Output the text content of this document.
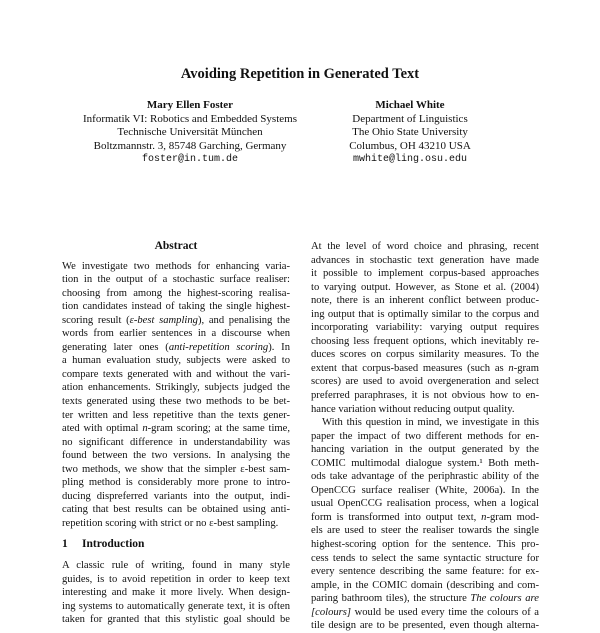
Avoiding Repetition in Generated Text
Mary Ellen Foster
Informatik VI: Robotics and Embedded Systems
Technische Universität München
Boltzmannstr. 3, 85748 Garching, Germany
foster@in.tum.de
Michael White
Department of Linguistics
The Ohio State University
Columbus, OH 43210 USA
mwhite@ling.osu.edu
Abstract
We investigate two methods for enhancing varia-
tion in the output of a stochastic surface realiser:
choosing from among the highest-scoring realisa-
tion candidates instead of taking the single highest-
scoring result (ε-best sampling), and penalising the
words from earlier sentences in a discourse when
generating later ones (anti-repetition scoring). In
a human evaluation study, subjects were asked to
compare texts generated with and without the vari-
ation enhancements. Strikingly, subjects judged the
texts generated using these two methods to be bet-
ter written and less repetitive than the texts gener-
ated with optimal n-gram scoring; at the same time,
no significant difference in understandability was
found between the two versions. In analysing the
two methods, we show that the simpler ε-best sam-
pling method is considerably more prone to intro-
ducing dispreferred variants into the output, indi-
cating that best results can be obtained using anti-
repetition scoring with strict or no ε-best sampling.
1 Introduction
A classic rule of writing, found in many style
guides, is to avoid repetition in order to keep text
interesting and make it more lively. When design-
ing systems to automatically generate text, it is often
taken for granted that this stylistic goal should be
At the level of word choice and phrasing, recent
advances in stochastic text generation have made
it possible to implement corpus-based approaches
to varying output. However, as Stone et al. (2004)
note, there is an inherent conflict between produc-
ing output that is optimally similar to the corpus and
incorporating variability: varying output requires
choosing less frequent options, which inevitably re-
duces scores on corpus similarity measures. To the
extent that corpus-based measures (such as n-gram
scores) are used to avoid overgeneration and select
preferred paraphrases, it is not obvious how to en-
hance variation without reducing output quality.
With this question in mind, we investigate in this
paper the impact of two different methods for en-
hancing variation in the output generated by the
COMIC multimodal dialogue system.¹ Both meth-
ods take advantage of the periphrastic ability of the
OpenCCG surface realiser (White, 2006a). In the
usual OpenCCG realisation process, when a logical
form is transformed into output text, n-gram mod-
els are used to steer the realiser towards the single
highest-scoring option for the sentence. This pro-
cess tends to select the same syntactic structure for
every sentence describing the same feature: for ex-
ample, in the COMIC domain (describing and com-
paring bathroom tiles), the structure The colours are
[colours] would be used every time the colours of a
tile design are to be presented, even though alterna-
